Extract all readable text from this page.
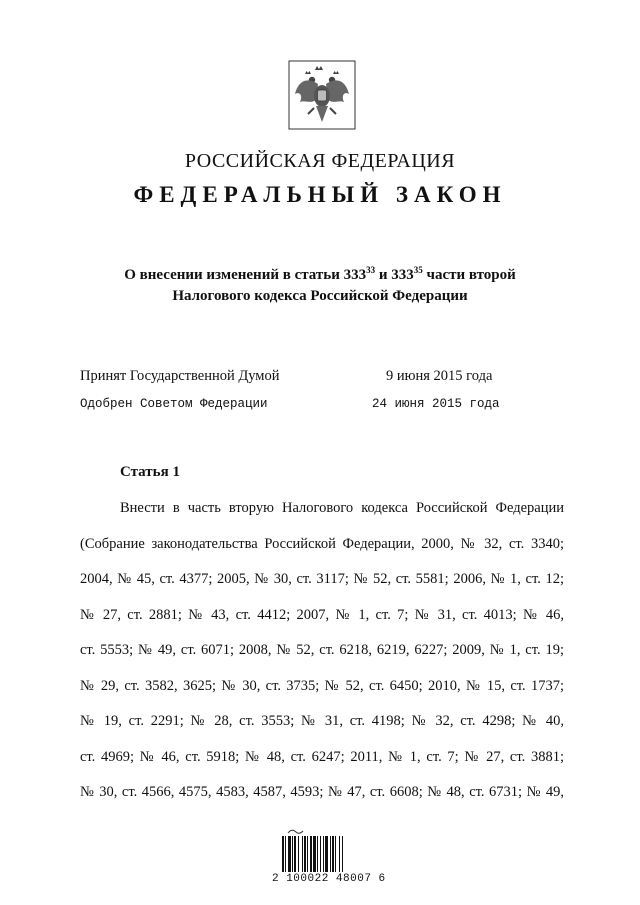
РОССИЙСКАЯ ФЕДЕРАЦИЯ
ФЕДЕРАЛЬНЫЙ ЗАКОН
О внесении изменений в статьи $333^{33}$ и $333^{35}$ части второй
Налогового кодекса Российской Федерации
Принят Государственной Думой	9 июня 2015 года
Одобрен Советом Федерации	24 июня 2015 года
Статья 1
Внести в часть вторую Налогового кодекса Российской Федерации
(Собрание законодательства Российской Федерации, 2000, № 32, ст. 3340;
2004, № 45, ст. 4377; 2005, № 30, ст. 3117; № 52, ст. 5581; 2006, № 1, ст. 12;
№ 27, ст. 2881; № 43, ст. 4412; 2007, № 1, ст. 7; № 31, ст. 4013; № 46,
ст. 5553; № 49, ст. 6071; 2008, № 52, ст. 6218, 6219, 6227; 2009, № 1, ст. 19;
№ 29, ст. 3582, 3625; № 30, ст. 3735; № 52, ст. 6450; 2010, № 15, ст. 1737;
№ 19, ст. 2291; № 28, ст. 3553; № 31, ст. 4198; № 32, ст. 4298; № 40,
ст. 4969; № 46, ст. 5918; № 48, ст. 6247; 2011, № 1, ст. 7; № 27, ст. 3881;
№ 30, ст. 4566, 4575, 4583, 4587, 4593; № 47, ст. 6608; № 48, ст. 6731; № 49,
2 100022 48007 6
